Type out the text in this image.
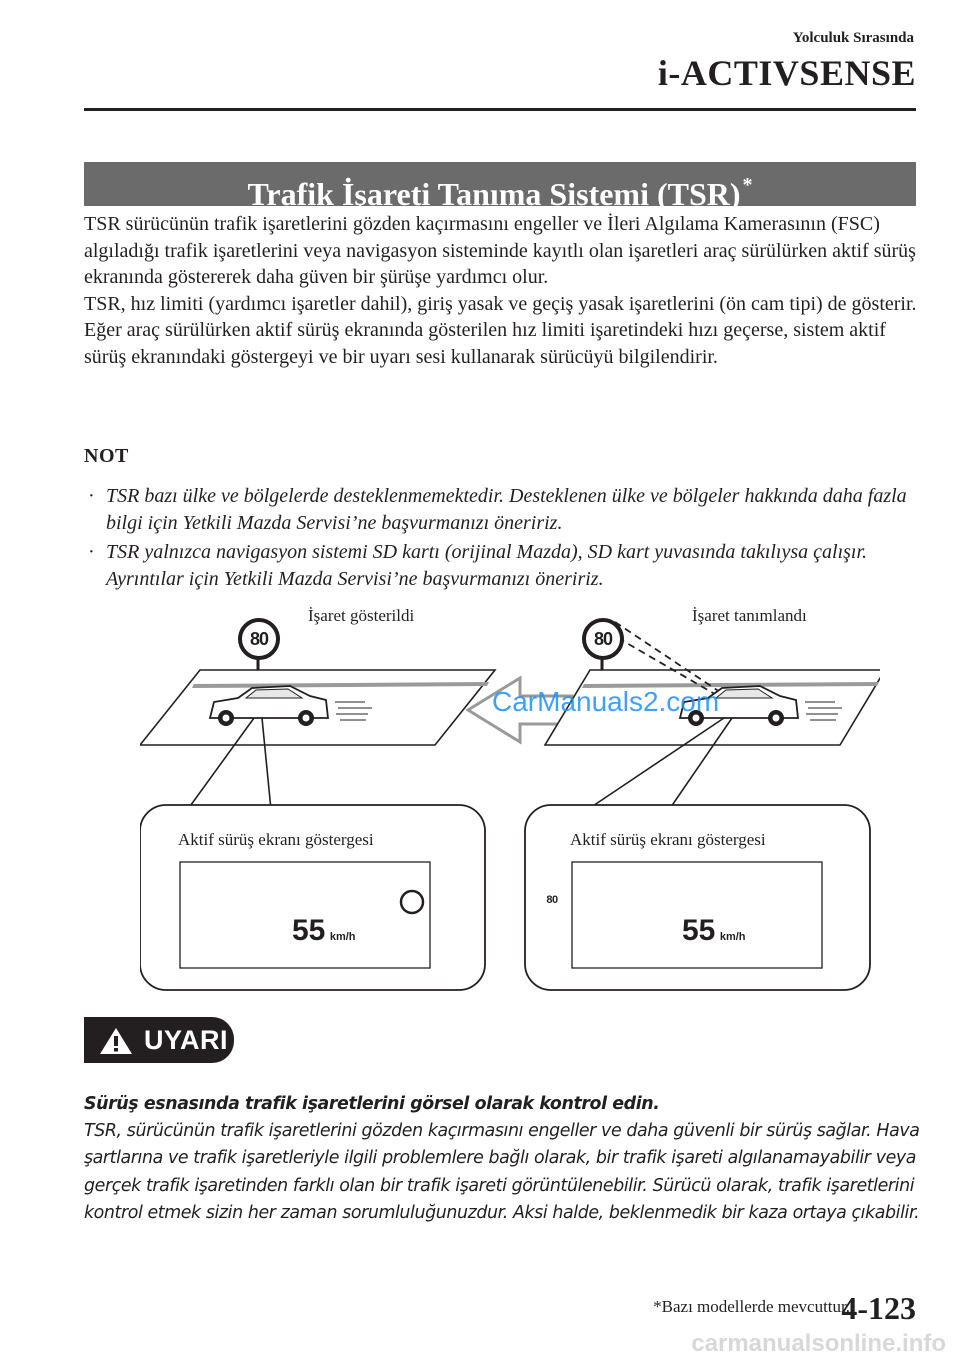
Yolculuk Sırasında
i-ACTIVSENSE
Trafik İşareti Tanıma Sistemi (TSR) *

TSR sürücünün trafik işaretlerini gözden kaçırmasını engeller ve İleri Algılama Kamerasının (FSC) algıladığı trafik işaretlerini veya navigasyon sisteminde kayıtlı olan işaretleri araç sürülürken aktif sürüş ekranında göstererek daha güven bir şürüşe yardımcı olur.

TSR, hız limiti (yardımcı işaretler dahil), giriş yasak ve geçiş yasak işaretlerini (ön cam tipi) de gösterir.

Eğer araç sürülürken aktif sürüş ekranında gösterilen hız limiti işaretindeki hızı geçerse, sistem aktif sürüş ekranındaki göstergeyi ve bir uyarı sesi kullanarak sürücüyü bilgilendirir.

NOT
· TSR bazı ülke ve bölgelerde desteklenmemektedir. Desteklenen ülke ve bölgeler hakkında daha fazla bilgi için Yetkili Mazda Servisi’ne başvurmanızı öneririz.
· TSR yalnızca navigasyon sistemi SD kartı (orijinal Mazda), SD kart yuvasında takılıysa çalışır. Ayrıntılar için Yetkili Mazda Servisi’ne başvurmanızı öneririz.
İşaret gösterildi	İşaret tanımlandı
80	80
CarManuals2.com
Aktif sürüş ekranı göstergesi	Aktif sürüş ekranı göstergesi
55 km/h
80
55 km/h
UYARI

Sürüş esnasında trafik işaretlerini görsel olarak kontrol edin.

TSR, sürücünün trafik işaretlerini gözden kaçırmasını engeller ve daha güvenli bir sürüş sağlar. Hava şartlarına ve trafik işaretleriyle ilgili problemlere bağlı olarak, bir trafik işareti algılanamayabilir veya gerçek trafik işaretinden farklı olan bir trafik işareti görüntülenebilir. Sürücü olarak, trafik işaretlerini kontrol etmek sizin her zaman sorumluluğunuzdur. Aksi halde, beklenmedik bir kaza ortaya çıkabilir.

*Bazı modellerde mevcuttur.
4-123
carmanualsonline.info
